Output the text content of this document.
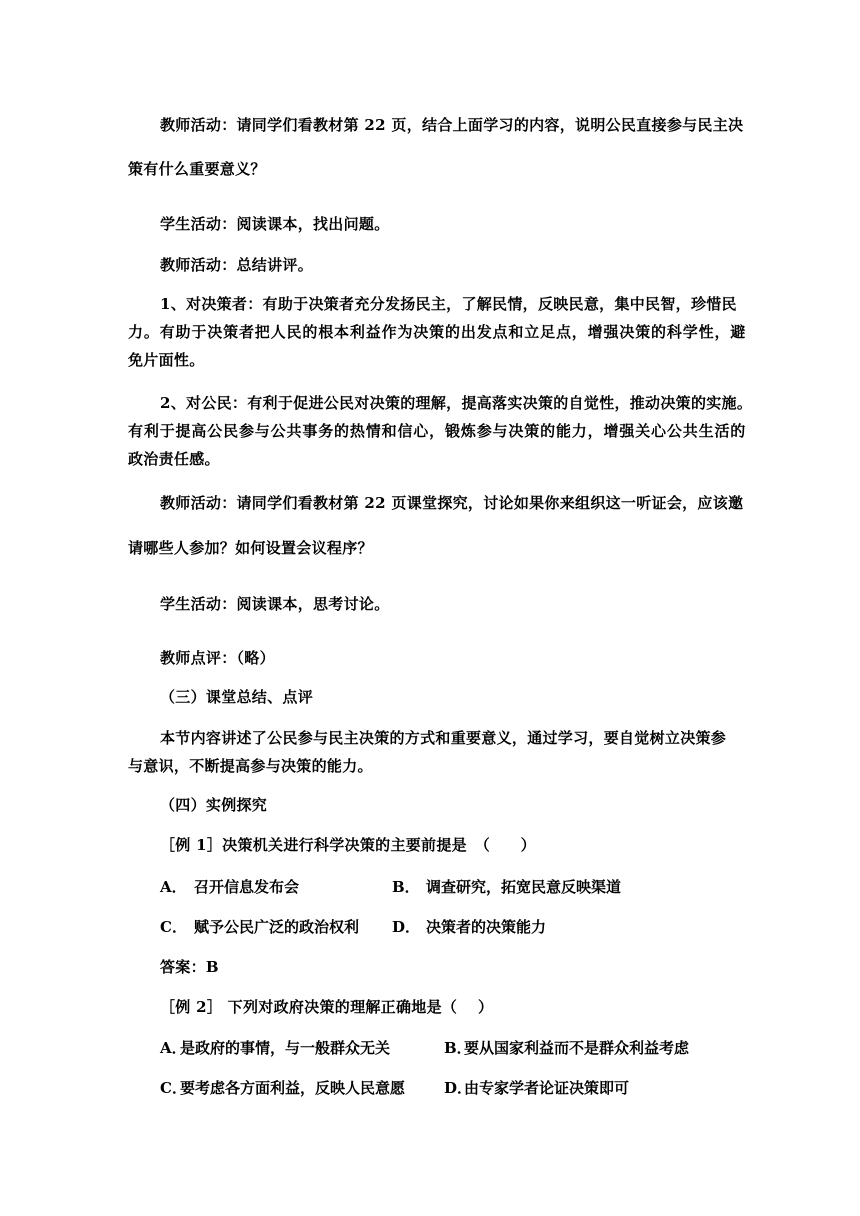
教师活动：请同学们看教材第 22 页，结合上面学习的内容，说明公民直接参与民主决
策有什么重要意义？
学生活动：阅读课本，找出问题。
教师活动：总结讲评。
1、对决策者：有助于决策者充分发扬民主，了解民情，反映民意，集中民智，珍惜民
力。有助于决策者把人民的根本利益作为决策的出发点和立足点，增强决策的科学性，避
免片面性。
2、对公民：有利于促进公民对决策的理解，提高落实决策的自觉性，推动决策的实施。
有利于提高公民参与公共事务的热情和信心，锻炼参与决策的能力，增强关心公共生活的
政治责任感。
教师活动：请同学们看教材第 22 页课堂探究，讨论如果你来组织这一听证会，应该邀
请哪些人参加？如何设置会议程序？
学生活动：阅读课本，思考讨论。
教师点评：（略）
（三）课堂总结、点评
本节内容讲述了公民参与民主决策的方式和重要意义，通过学习，要自觉树立决策参
与意识，不断提高参与决策的能力。
（四）实例探究
［例 1］决策机关进行科学决策的主要前提是　（　　）
A． 召开信息发布会	B． 调查研究，拓宽民意反映渠道
C． 赋予公民广泛的政治权利 D． 决策者的决策能力
答案：B
［例 2］ 下列对政府决策的理解正确地是（　 ）
A．是政府的事情，与一般群众无关	B．要从国家利益而不是群众利益考虑
C．要考虑各方面利益，反映人民意愿	D．由专家学者论证决策即可
